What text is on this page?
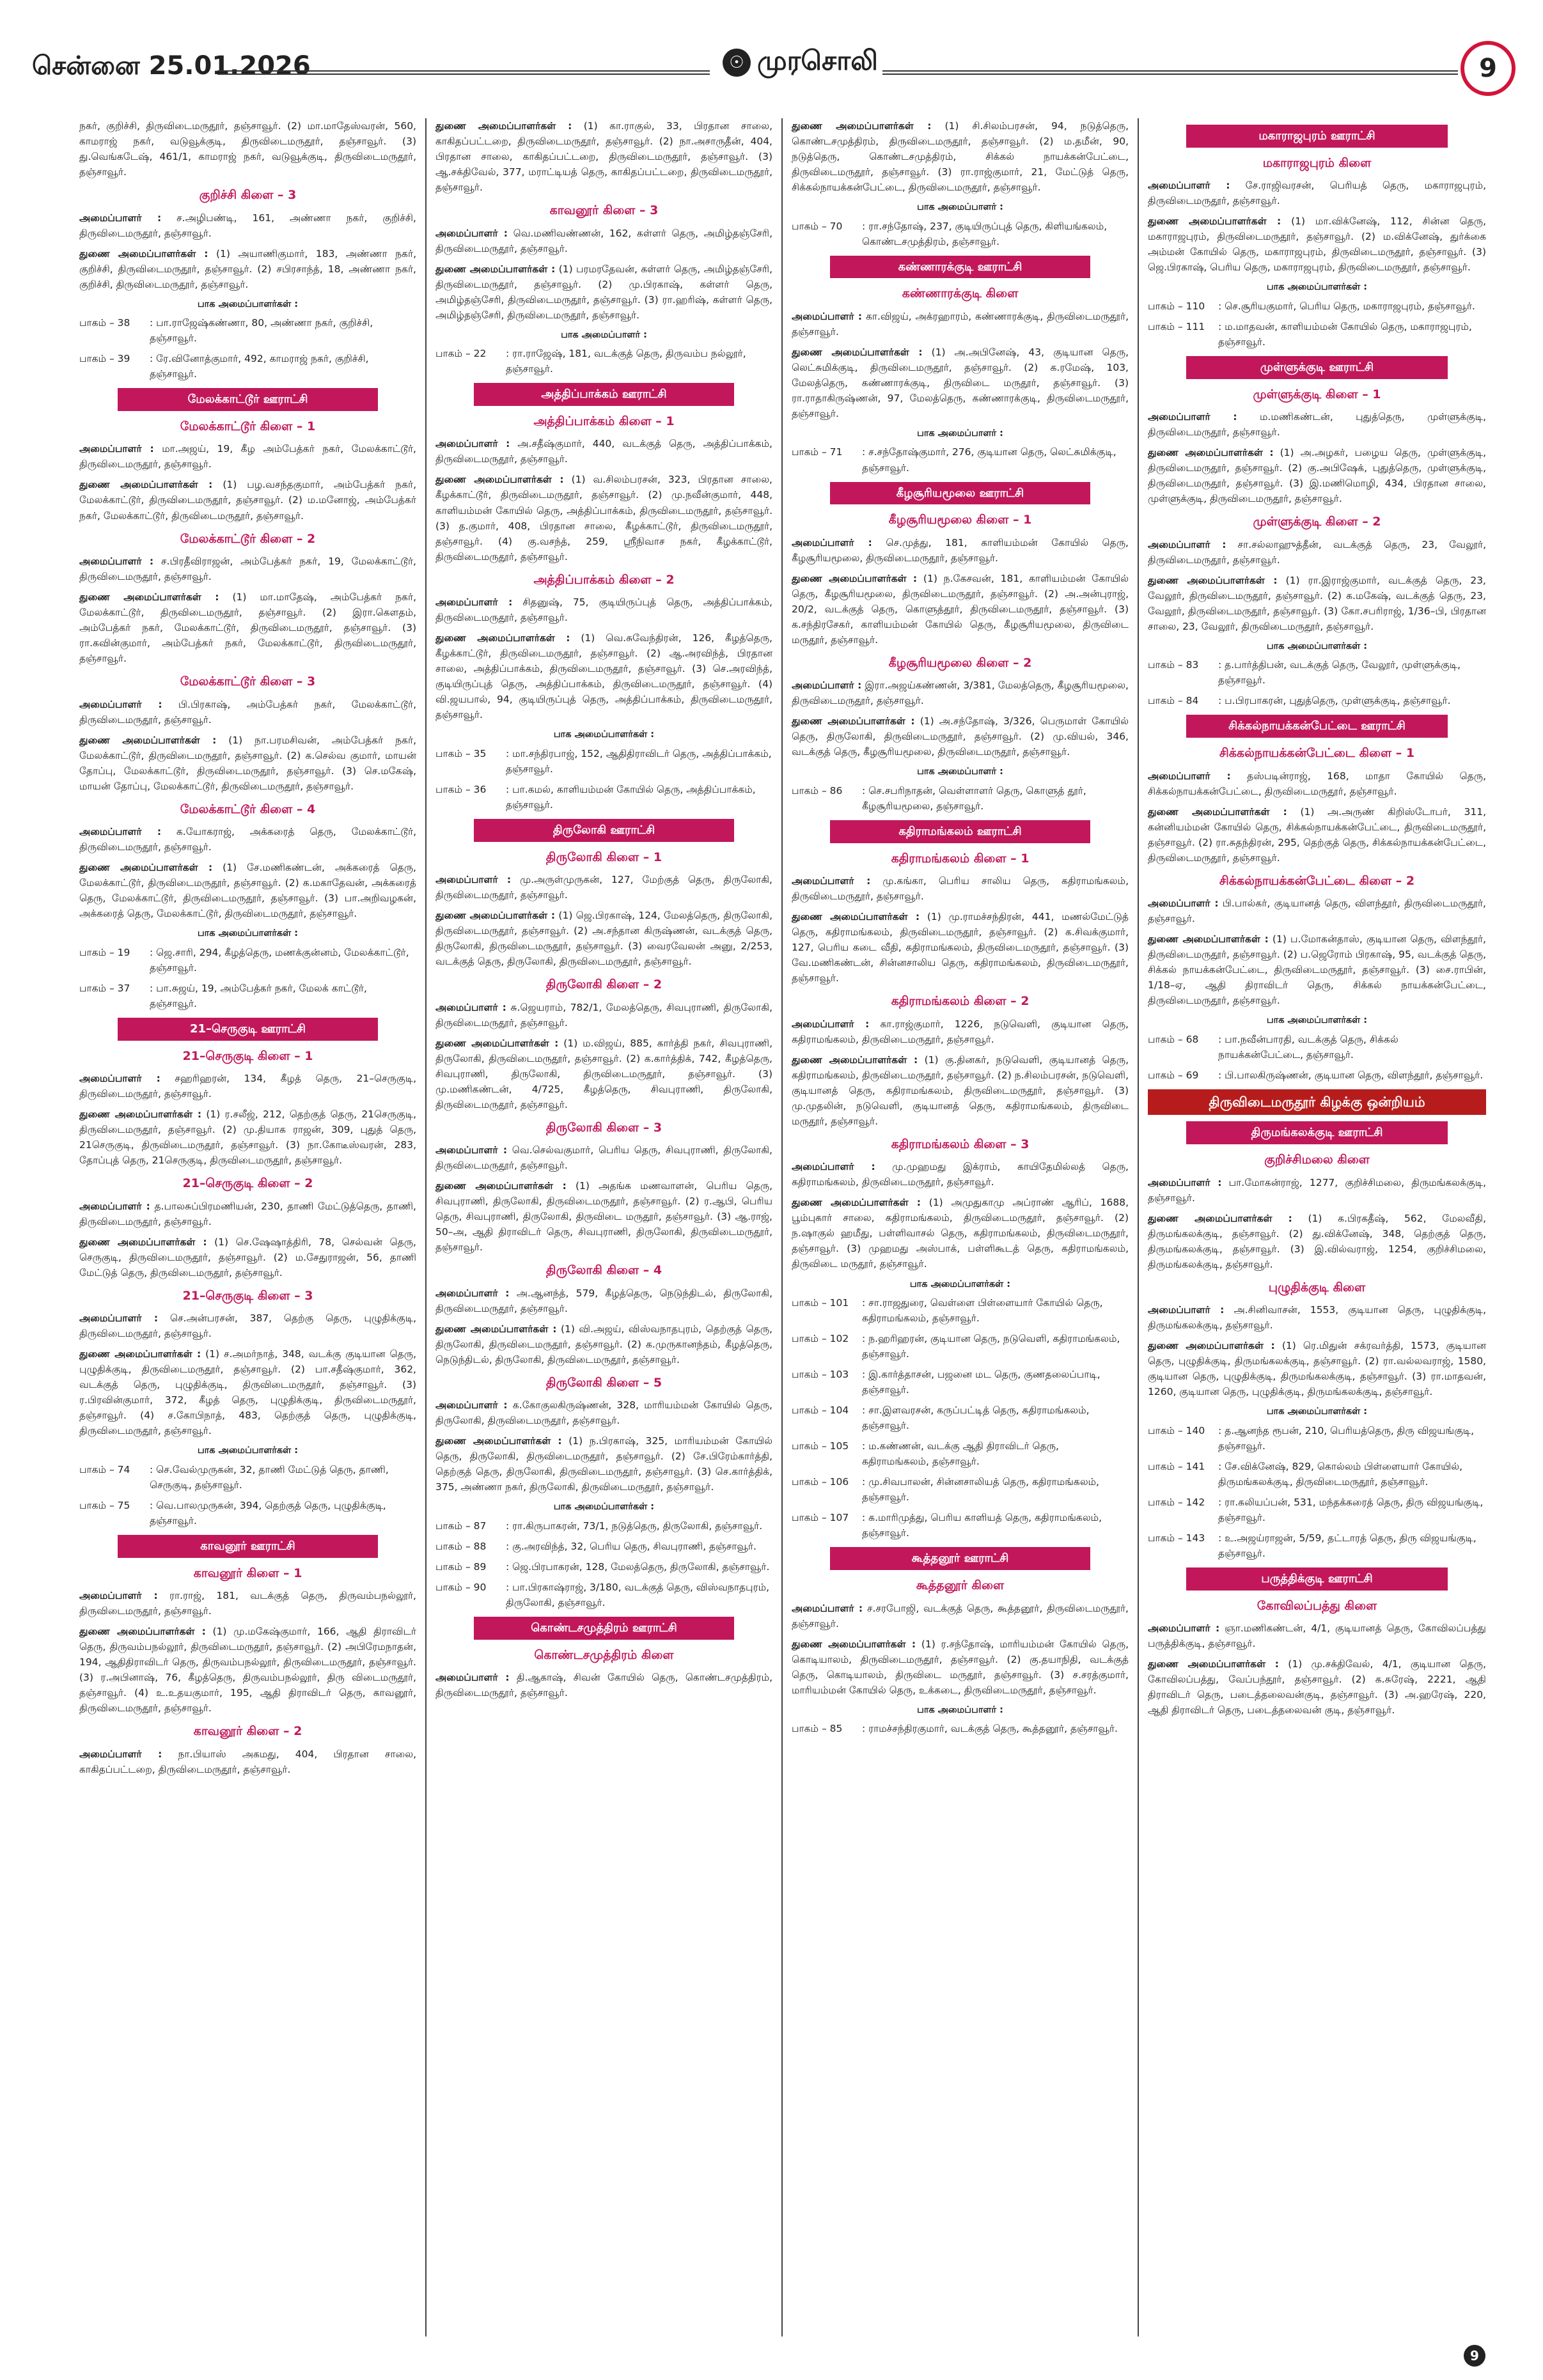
சென்னை 25.01.2026	☉ முரசொலி	9

நகர், குறிச்சி, திருவிடைமருதூர், தஞ்சாவூர். (2) மா.மாதேஸ்வரன், 560, காமராஜ் நகர், வடுவூக்குடி, திருவிடைமருதூர், தஞ்சாவூர். (3) து.வெங்கடேஷ், 461/1, காமராஜ் நகர், வடுவூக்குடி, திருவிடைமருதூர், தஞ்சாவூர்.

குறிச்சி கிளை – 3

அமைப்பாளர் : ச.அழிபண்டி, 161, அண்ணா நகர், குறிச்சி, திருவிடைமருதூர், தஞ்சாவூர்.

துணை அமைப்பாளர்கள் : (1) அயாணிகுமார், 183, அண்ணா நகர், குறிச்சி, திருவிடைமருதூர், தஞ்சாவூர். (2) சபிரசாந்த், 18, அண்ணா நகர், குறிச்சி, திருவிடைமருதூர், தஞ்சாவூர்.

பாக அமைப்பாளர்கள் :
பாகம் – 38	: பா.ராஜேஷ்கண்ணா, 80, அண்ணா நகர், குறிச்சி, தஞ்சாவூர்.
பாகம் – 39	: ரே.வினோத்குமார், 492, காமராஜ் நகர், குறிச்சி, தஞ்சாவூர்.
மேலக்காட்டூர் ஊராட்சி
மேலக்காட்டூர் கிளை – 1

அமைப்பாளர் : மா.அஜய், 19, கீழ அம்பேத்கர் நகர், மேலக்காட்டூர், திருவிடைமருதூர், தஞ்சாவூர்.

துணை அமைப்பாளர்கள் : (1) பழ.வசந்தகுமார், அம்பேத்கர் நகர், மேலக்காட்டூர், திருவிடைமருதூர், தஞ்சாவூர். (2) ம.மனோஜ், அம்பேத்கர் நகர், மேலக்காட்டூர், திருவிடைமருதூர், தஞ்சாவூர்.

மேலக்காட்டூர் கிளை – 2

அமைப்பாளர் : ச.பிரதீவிராஜன், அம்பேத்கர் நகர், 19, மேலக்காட்டூர், திருவிடைமருதூர், தஞ்சாவூர்.

துணை அமைப்பாளர்கள் : (1) மா.மாதேஷ், அம்பேத்கர் நகர், மேலக்காட்டூர், திருவிடைமருதூர், தஞ்சாவூர். (2) இரா.கௌதம், அம்பேத்கர் நகர், மேலக்காட்டூர், திருவிடைமருதூர், தஞ்சாவூர். (3) ரா.கவின்குமார், அம்பேத்கர் நகர், மேலக்காட்டூர், திருவிடைமருதூர், தஞ்சாவூர்.

மேலக்காட்டூர் கிளை – 3

அமைப்பாளர் : பி.பிரகாஷ், அம்பேத்கர் நகர், மேலக்காட்டூர், திருவிடைமருதூர், தஞ்சாவூர்.

துணை அமைப்பாளர்கள் : (1) நா.பரமசிவன், அம்பேத்கர் நகர், மேலக்காட்டூர், திருவிடைமருதூர், தஞ்சாவூர். (2) க.செல்வ குமார், மாயன் தோப்பு, மேலக்காட்டூர், திருவிடைமருதூர், தஞ்சாவூர். (3) செ.மகேஷ், மாயன் தோப்பு, மேலக்காட்டூர், திருவிடைமருதூர், தஞ்சாவூர்.

மேலக்காட்டூர் கிளை – 4

அமைப்பாளர் : க.யோகராஜ், அக்கரைத் தெரு, மேலக்காட்டூர், திருவிடைமருதூர், தஞ்சாவூர்.

துணை அமைப்பாளர்கள் : (1) சே.மணிகண்டன், அக்கரைத் தெரு, மேலக்காட்டூர், திருவிடைமருதூர், தஞ்சாவூர். (2) க.மகாதேவன், அக்கரைத் தெரு, மேலக்காட்டூர், திருவிடைமருதூர், தஞ்சாவூர். (3) பா.அறிவழகன், அக்கரைத் தெரு, மேலக்காட்டூர், திருவிடைமருதூர், தஞ்சாவூர்.

பாக அமைப்பாளர்கள் :
பாகம் – 19	: ஜெ.சாரி, 294, கீழத்தெரு, மணக்குன்னம், மேலக்காட்டூர், தஞ்சாவூர்.
பாகம் – 37	: பா.சுஜய், 19, அம்பேத்கர் நகர், மேலக் காட்டூர், தஞ்சாவூர்.
21–செருகுடி ஊராட்சி
21–செருகுடி கிளை – 1

அமைப்பாளர் : சஹரிஹரன், 134, கீழத் தெரு, 21–செருகுடி, திருவிடைமருதூர், தஞ்சாவூர்.

துணை அமைப்பாளர்கள் : (1) ர.சலீஜ், 212, தெற்குத் தெரு, 21செருகுடி, திருவிடைமருதூர், தஞ்சாவூர். (2) மு.தியாக ராஜன், 309, புதுத் தெரு, 21செருகுடி, திருவிடைமருதூர், தஞ்சாவூர். (3) நா.கோடீஸ்வரன், 283, தோப்புத் தெரு, 21செருகுடி, திருவிடைமருதூர், தஞ்சாவூர்.

21–செருகுடி கிளை – 2

அமைப்பாளர் : த.பாலசுப்பிரமணியன், 230, தாணி மேட்டுத்தெரு, தாணி, திருவிடைமருதூர், தஞ்சாவூர்.

துணை அமைப்பாளர்கள் : (1) செ.ஷேஷாத்திரி, 78, செல்வன் தெரு, செருகுடி, திருவிடைமருதூர், தஞ்சாவூர். (2) ம.சேதுராஜன், 56, தாணி மேட்டுத் தெரு, திருவிடைமருதூர், தஞ்சாவூர்.

21–செருகுடி கிளை – 3

அமைப்பாளர் : செ.அன்பரசன், 387, தெற்கு தெரு, புழுதிக்குடி, திருவிடைமருதூர், தஞ்சாவூர்.

துணை அமைப்பாளர்கள் : (1) ச.அமர்நாத், 348, வடக்கு குடியான தெரு, புழுதிக்குடி, திருவிடைமருதூர், தஞ்சாவூர். (2) பா.சதீஷ்குமார், 362, வடக்குத் தெரு, புழுதிக்குடி, திருவிடைமருதூர், தஞ்சாவூர். (3) ர.பிரவின்குமார், 372, கீழத் தெரு, புழுதிக்குடி, திருவிடைமருதூர், தஞ்சாவூர். (4) ச.கோபிநாத், 483, தெற்குத் தெரு, புழுதிக்குடி, திருவிடைமருதூர், தஞ்சாவூர்.

பாக அமைப்பாளர்கள் :
பாகம் – 74	: செ.வேல்முருகன், 32, தாணி மேட்டுத் தெரு, தாணி, செருகுடி, தஞ்சாவூர்.
பாகம் – 75	: வெ.பாலமுருகன், 394, தெற்குத் தெரு, புழுதிக்குடி, தஞ்சாவூர்.
காவனூர் ஊராட்சி
காவனூர் கிளை – 1

அமைப்பாளர் : ரா.ராஜ், 181, வடக்குத் தெரு, திருவம்பநல்லூர், திருவிடைமருதூர், தஞ்சாவூர்.

துணை அமைப்பாளர்கள் : (1) மு.மகேஷ்குமார், 166, ஆதி திராவிடர் தெரு, திருவம்பநல்லூர், திருவிடைமருதூர், தஞ்சாவூர். (2) அபிரேமநாதன், 194, ஆதிதிராவிடர் தெரு, திருவம்பநல்லூர், திருவிடைமருதூர், தஞ்சாவூர். (3) ர.அபினாஷ், 76, கீழத்தெரு, திருவம்பநல்லூர், திரு விடைமருதூர், தஞ்சாவூர். (4) உ.உதயகுமார், 195, ஆதி திராவிடர் தெரு, காவனூர், திருவிடைமருதூர், தஞ்சாவூர்.

காவனூர் கிளை – 2

அமைப்பாளர் : நா.பியாஸ் அகமது, 404, பிரதான சாலை, காகிதப்பட்டறை, திருவிடைமருதூர், தஞ்சாவூர்.

துணை அமைப்பாளர்கள் : (1) கா.ராகுல், 33, பிரதான சாலை, காகிதப்பட்டறை, திருவிடைமருதூர், தஞ்சாவூர். (2) நா.அசாருதீன், 404, பிரதான சாலை, காகிதப்பட்டறை, திருவிடைமருதூர், தஞ்சாவூர். (3) ஆ.சக்திவேல், 377, மராட்டியத் தெரு, காகிதப்பட்டறை, திருவிடைமருதூர், தஞ்சாவூர்.

காவனூர் கிளை – 3

அமைப்பாளர் : வெ.மணிவண்ணன், 162, கள்ளர் தெரு, அமிழ்தஞ்சேரி, திருவிடைமருதூர், தஞ்சாவூர்.

துணை அமைப்பாளர்கள் : (1) பரமரதேவன், கள்ளர் தெரு, அமிழ்தஞ்சேரி, திருவிடைமருதூர், தஞ்சாவூர். (2) மு.பிரகாஷ், கள்ளர் தெரு, அமிழ்தஞ்சேரி, திருவிடைமருதூர், தஞ்சாவூர். (3) ரா.ஹரிஷ், கள்ளர் தெரு, அமிழ்தஞ்சேரி, திருவிடைமருதூர், தஞ்சாவூர்.

பாக அமைப்பாளர் :
பாகம் – 22	: ரா.ராஜேஷ், 181, வடக்குத் தெரு, திருவம்ப நல்லூர், தஞ்சாவூர்.
அத்திப்பாக்கம் ஊராட்சி
அத்திப்பாக்கம் கிளை – 1

அமைப்பாளர் : அ.சதீஷ்குமார், 440, வடக்குத் தெரு, அத்திப்பாக்கம், திருவிடைமருதூர், தஞ்சாவூர்.

துணை அமைப்பாளர்கள் : (1) வ.சிலம்பரசன், 323, பிரதான சாலை, கீழக்காட்டூர், திருவிடைமருதூர், தஞ்சாவூர். (2) மு.நவீன்குமார், 448, காளியம்மன் கோயில் தெரு, அத்திப்பாக்கம், திருவிடைமருதூர், தஞ்சாவூர். (3) த.குமார், 408, பிரதான சாலை, கீழக்காட்டூர், திருவிடைமருதூர், தஞ்சாவூர். (4) கு.வசந்த், 259, ஸ்ரீநிவாச நகர், கீழக்காட்டூர், திருவிடைமருதூர், தஞ்சாவூர்.

அத்திப்பாக்கம் கிளை – 2

அமைப்பாளர் : சிதனுஷ், 75, குடியிருப்புத் தெரு, அத்திப்பாக்கம், திருவிடைமருதூர், தஞ்சாவூர்.

துணை அமைப்பாளர்கள் : (1) வெ.சுவேந்திரன், 126, கீழத்தெரு, கீழக்காட்டூர், திருவிடைமருதூர், தஞ்சாவூர். (2) ஆ.அரவிந்த், பிரதான சாலை, அத்திப்பாக்கம், திருவிடைமருதூர், தஞ்சாவூர். (3) செ.அரவிந்த், குடியிருப்புத் தெரு, அத்திப்பாக்கம், திருவிடைமருதூர், தஞ்சாவூர். (4) வி.ஜயபால், 94, குடியிருப்புத் தெரு, அத்திப்பாக்கம், திருவிடைமருதூர், தஞ்சாவூர்.

பாக அமைப்பாளர்கள் :
பாகம் – 35	: மா.சந்திரபாஜ், 152, ஆதிதிராவிடர் தெரு, அத்திப்பாக்கம், தஞ்சாவூர்.
பாகம் – 36	: பா.கமல், காளியம்மன் கோயில் தெரு, அத்திப்பாக்கம், தஞ்சாவூர்.
திருலோகி ஊராட்சி
திருலோகி கிளை – 1

அமைப்பாளர் : மு.அருள்முருகன், 127, மேற்குத் தெரு, திருலோகி, திருவிடைமருதூர், தஞ்சாவூர்.

துணை அமைப்பாளர்கள் : (1) ஜெ.பிரகாஷ், 124, மேலத்தெரு, திருலோகி, திருவிடைமருதூர், தஞ்சாவூர். (2) அ.சந்தான கிருஷ்ணன், வடக்குத் தெரு, திருலோகி, திருவிடைமருதூர், தஞ்சாவூர். (3) வைரவேலன் அனு, 2/253, வடக்குத் தெரு, திருலோகி, திருவிடைமருதூர், தஞ்சாவூர்.

திருலோகி கிளை – 2

அமைப்பாளர் : சு.ஜெயராம், 782/1, மேலத்தெரு, சிவபுராணி, திருலோகி, திருவிடைமருதூர், தஞ்சாவூர்.

துணை அமைப்பாளர்கள் : (1) ம.விஜய், 885, கார்த்தி நகர், சிவபுராணி, திருலோகி, திருவிடைமருதூர், தஞ்சாவூர். (2) க.கார்த்திக், 742, கீழத்தெரு, சிவபுராணி, திருலோகி, திருவிடைமருதூர், தஞ்சாவூர். (3) மு.மணிகண்டன், 4/725, கீழத்தெரு, சிவபுராணி, திருலோகி, திருவிடைமருதூர், தஞ்சாவூர்.

திருலோகி கிளை – 3

அமைப்பாளர் : வெ.செல்வகுமார், பெரிய தெரு, சிவபுராணி, திருலோகி, திருவிடைமருதூர், தஞ்சாவூர்.

துணை அமைப்பாளர்கள் : (1) அதங்க மணவாளன், பெரிய தெரு, சிவபுராணி, திருலோகி, திருவிடைமருதூர், தஞ்சாவூர். (2) ர.ஆபி, பெரிய தெரு, சிவபுராணி, திருலோகி, திருவிடை மருதூர், தஞ்சாவூர். (3) ஆ.ராஜ், 50–அ, ஆதி திராவிடர் தெரு, சிவபுராணி, திருலோகி, திருவிடைமருதூர், தஞ்சாவூர்.

திருலோகி கிளை – 4

அமைப்பாளர் : அ.ஆனந்த், 579, கீழத்தெரு, நெடுந்திடல், திருலோகி, திருவிடைமருதூர், தஞ்சாவூர்.

துணை அமைப்பாளர்கள் : (1) வி.அஜய், விஸ்வநாதபுரம், தெற்குத் தெரு, திருலோகி, திருவிடைமருதூர், தஞ்சாவூர். (2) க.முருகானந்தம், கீழத்தெரு, நெடுந்திடல், திருலோகி, திருவிடைமருதூர், தஞ்சாவூர்.

திருலோகி கிளை – 5

அமைப்பாளர் : க.கோகுலகிருஷ்ணன், 328, மாரியம்மன் கோயில் தெரு, திருலோகி, திருவிடைமருதூர், தஞ்சாவூர்.

துணை அமைப்பாளர்கள் : (1) ந.பிரகாஷ், 325, மாரியம்மன் கோயில் தெரு, திருலோகி, திருவிடைமருதூர், தஞ்சாவூர். (2) சே.பிரேம்கார்த்தி, தெற்குத் தெரு, திருலோகி, திருவிடைமருதூர், தஞ்சாவூர். (3) செ.கார்த்திக், 375, அண்ணா நகர், திருலோகி, திருவிடைமருதூர், தஞ்சாவூர்.

பாக அமைப்பாளர்கள் :
பாகம் – 87	: ரா.கிருபாகரன், 73/1, நடுத்தெரு, திருலோகி, தஞ்சாவூர்.
பாகம் – 88	: கு.அரவிந்த், 32, பெரிய தெரு, சிவபுராணி, தஞ்சாவூர்.
பாகம் – 89	: ஜெ.பிரபாகரன், 128, மேலத்தெரு, திருலோகி, தஞ்சாவூர்.
பாகம் – 90	: பா.பிரகாஷ்ராஜ், 3/180, வடக்குத் தெரு, விஸ்வநாதபுரம், திருலோகி, தஞ்சாவூர்.
கொண்டசமுத்திரம் ஊராட்சி
கொண்டசமுத்திரம் கிளை

அமைப்பாளர் : தி.ஆகாஷ், சிவன் கோயில் தெரு, கொண்டசமுத்திரம், திருவிடைமருதூர், தஞ்சாவூர்.

துணை அமைப்பாளர்கள் : (1) சி.சிலம்பரசன், 94, நடுத்தெரு, கொண்டசமுத்திரம், திருவிடைமருதூர், தஞ்சாவூர். (2) ம.தமீன், 90, நடுத்தெரு, கொண்டசமுத்திரம், சிக்கல் நாயக்கன்பேட்டை, திருவிடைமருதூர், தஞ்சாவூர். (3) ரா.ராஜ்குமார், 21, மேட்டுத் தெரு, சிக்கல்நாயக்கன்பேட்டை, திருவிடைமருதூர், தஞ்சாவூர்.

பாக அமைப்பாளர் :
பாகம் – 70	: ரா.சந்தோஷ், 237, குடியிருப்புத் தெரு, கிளியங்கலம், கொண்டசமுத்திரம், தஞ்சாவூர்.
கண்ணாரக்குடி ஊராட்சி
கண்ணாரக்குடி கிளை

அமைப்பாளர் : கா.விஜய், அக்ரஹாரம், கண்ணாரக்குடி, திருவிடைமருதூர், தஞ்சாவூர்.

துணை அமைப்பாளர்கள் : (1) அ.அபினேஷ், 43, குடியான தெரு, லெட்சுமிக்குடி, திருவிடைமருதூர், தஞ்சாவூர். (2) க.ரமேஷ், 103, மேலத்தெரு, கண்ணாரக்குடி, திருவிடை மருதூர், தஞ்சாவூர். (3) ரா.ராதாகிருஷ்ணன், 97, மேலத்தெரு, கண்ணாரக்குடி, திருவிடைமருதூர், தஞ்சாவூர்.

பாக அமைப்பாளர் :
பாகம் – 71	: ச.சந்தோஷ்குமார், 276, குடியான தெரு, லெட்சுமிக்குடி, தஞ்சாவூர்.
கீழசூரியமூலை ஊராட்சி
கீழசூரியமூலை கிளை – 1

அமைப்பாளர் : செ.முத்து, 181, காளியம்மன் கோயில் தெரு, கீழசூரியமூலை, திருவிடைமருதூர், தஞ்சாவூர்.

துணை அமைப்பாளர்கள் : (1) ந.கேசவன், 181, காளியம்மன் கோயில் தெரு, கீழசூரியமூலை, திருவிடைமருதூர், தஞ்சாவூர். (2) அ.அன்புராஜ், 20/2, வடக்குத் தெரு, கொளுத்தூர், திருவிடைமருதூர், தஞ்சாவூர். (3) க.சந்திரசேகர், காளியம்மன் கோயில் தெரு, கீழசூரியமூலை, திருவிடை மருதூர், தஞ்சாவூர்.

கீழசூரியமூலை கிளை – 2

அமைப்பாளர் : இரா.அஜய்கண்ணன், 3/381, மேலத்தெரு, கீழசூரியமூலை, திருவிடைமருதூர், தஞ்சாவூர்.

துணை அமைப்பாளர்கள் : (1) அ.சந்தோஷ், 3/326, பெருமாள் கோயில் தெரு, திருலோகி, திருவிடைமருதூர், தஞ்சாவூர். (2) மு.வியல், 346, வடக்குத் தெரு, கீழசூரியமூலை, திருவிடைமருதூர், தஞ்சாவூர்.

பாக அமைப்பாளர் :
பாகம் – 86	: செ.சபரிநாதன், வெள்ளாளர் தெரு, கொளுத் தூர், கீழசூரியமூலை, தஞ்சாவூர்.
கதிராமங்கலம் ஊராட்சி
கதிராமங்கலம் கிளை – 1

அமைப்பாளர் : மு.கங்கா, பெரிய சாலிய தெரு, கதிராமங்கலம், திருவிடைமருதூர், தஞ்சாவூர்.

துணை அமைப்பாளர்கள் : (1) மு.ராமச்சந்திரன், 441, மணல்மேட்டுத் தெரு, கதிராமங்கலம், திருவிடைமருதூர், தஞ்சாவூர். (2) க.சிவக்குமார், 127, பெரிய கடை வீதி, கதிராமங்கலம், திருவிடைமருதூர், தஞ்சாவூர். (3) வே.மணிகண்டன், சின்னசாலிய தெரு, கதிராமங்கலம், திருவிடைமருதூர், தஞ்சாவூர்.

கதிராமங்கலம் கிளை – 2

அமைப்பாளர் : கா.ராஜ்குமார், 1226, நடுவெளி, குடியான தெரு, கதிராமங்கலம், திருவிடைமருதூர், தஞ்சாவூர்.

துணை அமைப்பாளர்கள் : (1) கு.தினகர், நடுவெளி, குடியானத் தெரு, கதிராமங்கலம், திருவிடைமருதூர், தஞ்சாவூர். (2) ந.சிலம்பரசன், நடுவெளி, குடியானத் தெரு, கதிராமங்கலம், திருவிடைமருதூர், தஞ்சாவூர். (3) மு.முதலின், நடுவெளி, குடியானத் தெரு, கதிராமங்கலம், திருவிடை மருதூர், தஞ்சாவூர்.

கதிராமங்கலம் கிளை – 3

அமைப்பாளர் : மு.முஹமது இக்ராம், காயிதேமில்லத் தெரு, கதிராமங்கலம், திருவிடைமருதூர், தஞ்சாவூர்.

துணை அமைப்பாளர்கள் : (1) அமுதுகாமு அப்ராண் ஆரிப், 1688, பூம்புகார் சாலை, கதிராமங்கலம், திருவிடைமருதூர், தஞ்சாவூர். (2) ந.ஷாகுல் ஹமீது, பள்ளிவாசல் தெரு, கதிராமங்கலம், திருவிடைமருதூர், தஞ்சாவூர். (3) முஹமது அஸ்பாக், பள்ளிகூடத் தெரு, கதிராமங்கலம், திருவிடை மருதூர், தஞ்சாவூர்.

பாக அமைப்பாளர்கள் :
பாகம் – 101	: சா.ராஜதுரை, வெள்ளை பிள்ளையார் கோயில் தெரு, கதிராமங்கலம், தஞ்சாவூர்.
பாகம் – 102	: ந.ஹரிஹரன், குடியான தெரு, நடுவெளி, கதிராமங்கலம், தஞ்சாவூர்.
பாகம் – 103	: இ.கார்த்தாசன், பஜனை மட தெரு, குணதலைப்பாடி, தஞ்சாவூர்.
பாகம் – 104	: சா.இளவரசன், கருப்பட்டித் தெரு, கதிராமங்கலம், தஞ்சாவூர்.
பாகம் – 105	: ம.கண்ணன், வடக்கு ஆதி திராவிடர் தெரு, கதிராமங்கலம், தஞ்சாவூர்.
பாகம் – 106	: மு.சிவபாலன், சின்னசாலியத் தெரு, கதிராமங்கலம், தஞ்சாவூர்.
பாகம் – 107	: க.மாரிமுத்து, பெரிய காளியத் தெரு, கதிராமங்கலம், தஞ்சாவூர்.
கூத்தனூர் ஊராட்சி
கூத்தனூர் கிளை

அமைப்பாளர் : ச.சரபோஜி, வடக்குத் தெரு, கூத்தனூர், திருவிடைமருதூர், தஞ்சாவூர்.

துணை அமைப்பாளர்கள் : (1) ர.சந்தோஷ், மாரியம்மன் கோயில் தெரு, கொடியாலம், திருவிடைமருதூர், தஞ்சாவூர். (2) கு.தயாநிதி, வடக்குத் தெரு, கொடியாலம், திருவிடை மருதூர், தஞ்சாவூர். (3) ச.சரத்குமார், மாரியம்மன் கோயில் தெரு, உக்கடை, திருவிடைமருதூர், தஞ்சாவூர்.

பாக அமைப்பாளர் :
பாகம் – 85	: ராமச்சந்திரகுமார், வடக்குத் தெரு, கூத்தனூர், தஞ்சாவூர்.
மகாராஜபுரம் ஊராட்சி
மகாராஜபுரம் கிளை

அமைப்பாளர் : சே.ராஜிவரசன், பெரியத் தெரு, மகாராஜபுரம், திருவிடைமருதூர், தஞ்சாவூர்.

துணை அமைப்பாளர்கள் : (1) மா.விக்னேஷ், 112, சின்ன தெரு, மகாராஜபுரம், திருவிடைமருதூர், தஞ்சாவூர். (2) ம.விக்னேஷ், துர்க்கை அம்மன் கோயில் தெரு, மகாராஜபுரம், திருவிடைமருதூர், தஞ்சாவூர். (3) ஜெ.பிரகாஷ், பெரிய தெரு, மகாராஜபுரம், திருவிடைமருதூர், தஞ்சாவூர்.

பாக அமைப்பாளர்கள் :
பாகம் – 110	: செ.சூரியகுமார், பெரிய தெரு, மகாராஜபுரம், தஞ்சாவூர்.
பாகம் – 111	: ம.மாதவன், காளியம்மன் கோயில் தெரு, மகாராஜபுரம், தஞ்சாவூர்.
முள்ளுக்குடி ஊராட்சி
முள்ளுக்குடி கிளை – 1

அமைப்பாளர் : ம.மணிகண்டன், புதுத்தெரு, முள்ளுக்குடி, திருவிடைமருதூர், தஞ்சாவூர்.

துணை அமைப்பாளர்கள் : (1) அ.அழகர், பழைய தெரு, முள்ளுக்குடி, திருவிடைமருதூர், தஞ்சாவூர். (2) கு.அபிஷேக், புதுத்தெரு, முள்ளுக்குடி, திருவிடைமருதூர், தஞ்சாவூர். (3) இ.மணிமொழி, 434, பிரதான சாலை, முள்ளுக்குடி, திருவிடைமருதூர், தஞ்சாவூர்.

முள்ளுக்குடி கிளை – 2

அமைப்பாளர் : சா.சல்லாஹுத்தீன், வடக்குத் தெரு, 23, வேலூர், திருவிடைமருதூர், தஞ்சாவூர்.

துணை அமைப்பாளர்கள் : (1) ரா.இராஜ்குமார், வடக்குத் தெரு, 23, வேலூர், திருவிடைமருதூர், தஞ்சாவூர். (2) க.மகேஷ், வடக்குத் தெரு, 23, வேலூர், திருவிடைமருதூர், தஞ்சாவூர். (3) கோ.சபரிராஜ், 1/36–பி, பிரதான சாலை, 23, வேலூர், திருவிடைமருதூர், தஞ்சாவூர்.

பாக அமைப்பாளர்கள் :
பாகம் – 83	: த.பார்த்திபன், வடக்குத் தெரு, வேலூர், முள்ளுக்குடி, தஞ்சாவூர்.
பாகம் – 84	: ப.பிரபாகரன், புதுத்தெரு, முள்ளுக்குடி, தஞ்சாவூர்.
சிக்கல்நாயக்கன்பேட்டை ஊராட்சி
சிக்கல்நாயக்கன்பேட்டை கிளை – 1

அமைப்பாளர் : தஸ்படின்ராஜ், 168, மாதா கோயில் தெரு, சிக்கல்நாயக்கன்பேட்டை, திருவிடைமருதூர், தஞ்சாவூர்.

துணை அமைப்பாளர்கள் : (1) அ.அருண் கிறிஸ்டோபர், 311, கன்னியம்மன் கோயில் தெரு, சிக்கல்நாயக்கன்பேட்டை, திருவிடைமருதூர், தஞ்சாவூர். (2) ரா.சுதந்திரன், 295, தெற்குத் தெரு, சிக்கல்நாயக்கன்பேட்டை, திருவிடைமருதூர், தஞ்சாவூர்.

சிக்கல்நாயக்கன்பேட்டை கிளை – 2

அமைப்பாளர் : பி.பால்கர், குடியானத் தெரு, விளந்தூர், திருவிடைமருதூர், தஞ்சாவூர்.

துணை அமைப்பாளர்கள் : (1) ப.மோகன்தாஸ், குடியான தெரு, விளந்தூர், திருவிடைமருதூர், தஞ்சாவூர். (2) ப.ஜெரோம் பிரகாஷ், 95, வடக்குத் தெரு, சிக்கல் நாயக்கன்பேட்டை, திருவிடைமருதூர், தஞ்சாவூர். (3) சை.ராபின், 1/18–ஏ, ஆதி திராவிடர் தெரு, சிக்கல் நாயக்கன்பேட்டை, திருவிடைமருதூர், தஞ்சாவூர்.

பாக அமைப்பாளர்கள் :
பாகம் – 68	: பா.நவீன்பாரதி, வடக்குத் தெரு, சிக்கல் நாயக்கன்பேட்டை, தஞ்சாவூர்.
பாகம் – 69	: பி.பாலகிருஷ்ணன், குடியான தெரு, விளந்தூர், தஞ்சாவூர்.
திருவிடைமருதூர் கிழக்கு ஒன்றியம்
திருமங்கலக்குடி ஊராட்சி
குறிச்சிமலை கிளை

அமைப்பாளர் : பா.மோகன்ராஜ், 1277, குறிச்சிமலை, திருமங்கலக்குடி, தஞ்சாவூர்.

துணை அமைப்பாளர்கள் : (1) க.பிரகதீஷ், 562, மேலவீதி, திருமங்கலக்குடி, தஞ்சாவூர். (2) து.விக்னேஷ், 348, தெற்குத் தெரு, திருமங்கலக்குடி, தஞ்சாவூர். (3) இ.வில்வராஜ், 1254, குறிச்சிமலை, திருமங்கலக்குடி, தஞ்சாவூர்.

புழுதிக்குடி கிளை

அமைப்பாளர் : அ.சினிவாசன், 1553, குடியான தெரு, புழுதிக்குடி, திருமங்கலக்குடி, தஞ்சாவூர்.

துணை அமைப்பாளர்கள் : (1) ரெ.மிதுன் சக்ரவர்த்தி, 1573, குடியான தெரு, புழுதிக்குடி, திருமங்கலக்குடி, தஞ்சாவூர். (2) ரா.வல்லவராஜ், 1580, குடியான தெரு, புழுதிக்குடி, திருமங்கலக்குடி, தஞ்சாவூர். (3) ரா.மாதவன், 1260, குடியான தெரு, புழுதிக்குடி, திருமங்கலக்குடி, தஞ்சாவூர்.

பாக அமைப்பாளர்கள் :
பாகம் – 140	: த.ஆனந்த ரூபன், 210, பெரியத்தெரு, திரு விஜயங்குடி, தஞ்சாவூர்.
பாகம் – 141	: சே.விக்னேஷ், 829, கொல்லம் பிள்ளையார் கோயில், திருமங்கலக்குடி, திருவிடைமருதூர், தஞ்சாவூர்.
பாகம் – 142	: ரா.கலியப்பன், 531, மந்தக்கரைத் தெரு, திரு விஜயங்குடி, தஞ்சாவூர்.
பாகம் – 143	: உ.அஜய்ராஜன், 5/59, தட்டாரத் தெரு, திரு விஜயங்குடி, தஞ்சாவூர்.
பருத்திக்குடி ஊராட்சி
கோவிலப்பத்து கிளை

அமைப்பாளர் : ஞா.மணிகண்டன், 4/1, குடியானத் தெரு, கோவிலப்பத்து பருத்திக்குடி, தஞ்சாவூர்.

துணை அமைப்பாளர்கள் : (1) மு.சக்திவேல், 4/1, குடியான தெரு, கோவிலப்பத்து, வேப்பந்தூர், தஞ்சாவூர். (2) க.சுரேஷ், 2221, ஆதி திராவிடர் தெரு, படைத்தலைவன்குடி, தஞ்சாவூர். (3) அ.ஹரேஷ், 220, ஆதி திராவிடர் தெரு, படைத்தலைவன் குடி, தஞ்சாவூர்.

9
